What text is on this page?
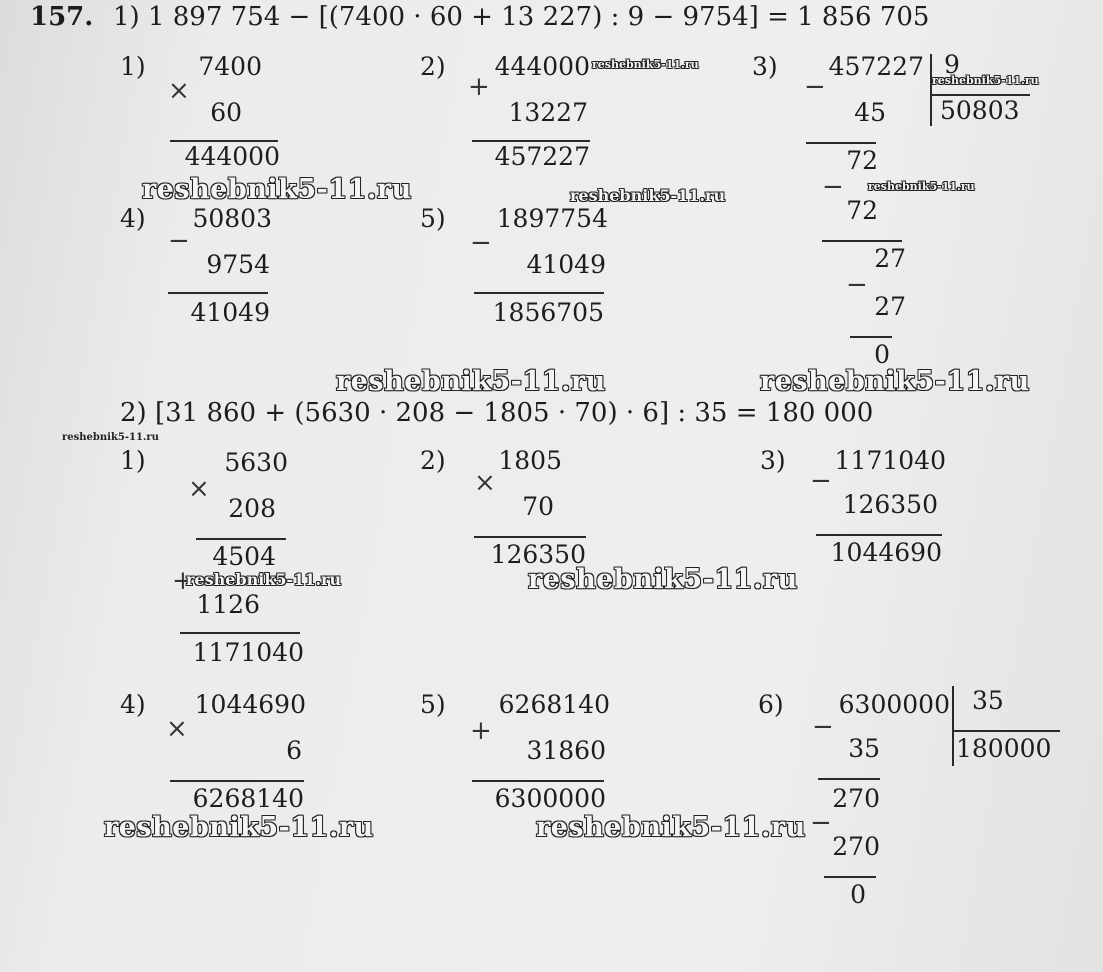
157. 1) 1 897 754 − [(7400 · 60 + 13 227) : 9 − 9754] = 1 856 705
1)
×
7400
60
444000
2)
+
444000
13227
457227
3)
−
457227 9
50803
45
72
−
72
27
−
27
0
4)
−
50803
9754
41049
5)
−
1897754
41049
1856705
2) [31 860 + (5630 · 208 − 1805 · 70) · 6] : 35 = 180 000
1)
×
5630
208
4504
+
1126
1171040
2)
×
1805
70
126350
3)
−
1171040
126350
1044690
4)
×
1044690
6
6268140
5)
+
6268140
31860
6300000
6)
−
6300000 35
180000
35
270
−
270
0
reshebnik5-11.ru
reshebnik5-11.ru	reshebnik5-11.ru
reshebnik5-11.ru
reshebnik5-11.ru	reshebnik5-11.ru
reshebnik5-11.ru
reshebnik5-11.ru
reshebnik5-11.ru
reshebnik5-11.ru
reshebnik5-11.ru
reshebnik5-11.ru
